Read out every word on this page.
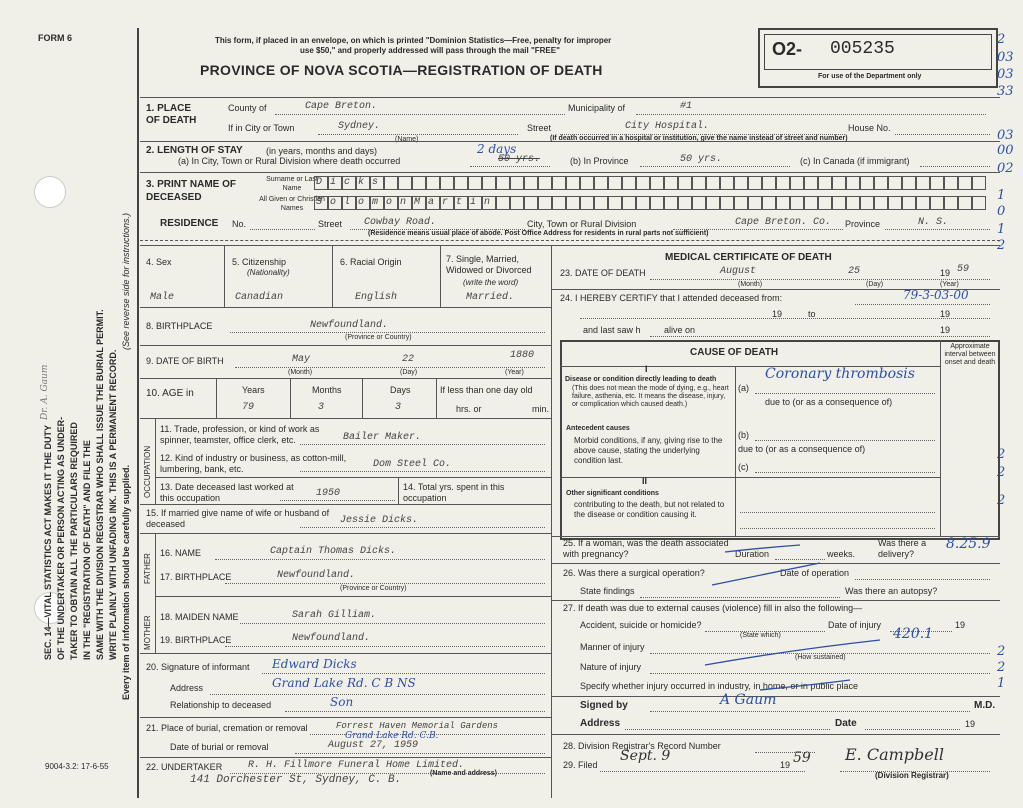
FORM 6
Dr. A. Gaum
SEC. 14—VITAL STATISTICS ACT MAKES IT THE DUTY OF THE UNDERTAKER OR PERSON ACTING AS UNDER- TAKER TO OBTAIN ALL THE PARTICULARS REQUIRED IN THE "REGISTRATION OF DEATH" AND FILE THE SAME WITH THE DIVISION REGISTRAR WHO SHALL ISSUE THE BURIAL PERMIT. WRITE PLAINLY WITH UNFADING INK. THIS IS A PERMANENT RECORD. Every item of information should be carefully supplied.
(See reverse side for instructions.)
9004-3.2: 17-6-55
This form, if placed in an envelope, on which is printed "Dominion Statistics—Free, penalty for improper
use $50," and properly addressed will pass through the mail "FREE"
PROVINCE OF NOVA SCOTIA—REGISTRATION OF DEATH
O2- 005235
For use of the Department only
2
03
03
33
03
00
02
1
0
1
2
2
2
2
2
2
1
1. PLACE OF DEATH
County of	Cape Breton.	Municipality of	#1
If in City or Town	Sydney.
(Name)
Street	City Hospital.	House No.
2. LENGTH OF STAY	(in years, months and days)
(If death occurred in a hospital or institution, give the name instead of street and number)
(a) In City, Town or Rural Division where death occurred	50 yrs.
2 days
(b) In Province	50 yrs.	(c) In Canada (if immigrant)
3. PRINT NAME OF DECEASED
Surname or Last Name
All Given or Christian Names
D i c k s
S o l o m o n M a r t i n
RESIDENCE No.	Street Cowbay Road.	City, Town or Rural Division	Cape Breton. Co. Province	N. S.
(Residence means usual place of abode. Post Office Address for residents in rural parts not sufficient)
4. Sex
Male
5. Citizenship
(Nationality)
Canadian
6. Racial Origin
English
7. Single, Married, Widowed or Divorced
(write the word)
Married.
8. BIRTHPLACE	Newfoundland.
(Province or Country)
9. DATE OF BIRTH	May	22	1880
(Month)	(Day)	(Year)
10. AGE in	Years	Months	Days	If less than one day old
79	3	3	hrs. or	min.
OCCUPATION
11. Trade, profession, or kind of work as spinner, teamster, office clerk, etc.	Bailer Maker.
12. Kind of industry or business, as cotton-mill, lumbering, bank, etc.	Dom Steel Co.
13. Date deceased last worked at this occupation	1950
14. Total yrs. spent in this occupation
15. If married give name of wife or husband of deceased	Jessie Dicks.
FATHER
16. NAME	Captain Thomas Dicks.
17. BIRTHPLACE	Newfoundland.
(Province or Country)
MOTHER 18. MAIDEN NAME	Sarah Gilliam.
19. BIRTHPLACE	Newfoundland.
20. Signature of informant Edward Dicks
Address	Grand Lake Rd. C B NS
Relationship to deceased	Son
21. Place of burial, cremation or removal	Forrest Haven Memorial Gardens
Grand Lake Rd. C.B.
Date of burial or removal	August 27, 1959
22. UNDERTAKER	R. H. Fillmore Funeral Home Limited.
(Name and address)
141 Dorchester St, Sydney, C. B.
MEDICAL CERTIFICATE OF DEATH
23. DATE OF DEATH	August	25	19 59
(Month)	(Day)	(Year)
24. I HEREBY CERTIFY that I attended deceased from:	79-3-03-00
19	to	19
and last saw h	alive on	19
CAUSE OF DEATH
Approximate interval between onset and death
I
Disease or condition directly leading to death
(This does not mean the mode of dying, e.g., heart failure, asthenia, etc. It means the disease, injury, or complication which caused death.)
(a)
Coronary thrombosis
due to (or as a consequence of)
Antecedent causes
Morbid conditions, if any, giving rise to the above cause, stating the underlying condition last.
(b)
due to (or as a consequence of)
(c)
II
Other significant conditions
contributing to the death, but not related to the disease or condition causing it.
25. If a woman, was the death associated with pregnancy?	Duration	weeks.
Was there a delivery?
8.25.9
26. Was there a surgical operation?	Date of operation
State findings	Was there an autopsy?
27. If death was due to external causes (violence) fill in also the following—
Accident, suicide or homicide?	Date of injury	19
(State which)
Manner of injury
420.1
(How sustained)
Nature of injury
Specify whether injury occurred in industry, in home, or in public place
Signed by	A Gaum	M.D.
Address	Date	19
28. Division Registrar's Record Number
29. Filed
Sept. 9
19 59 E. Campbell
(Division Registrar)
